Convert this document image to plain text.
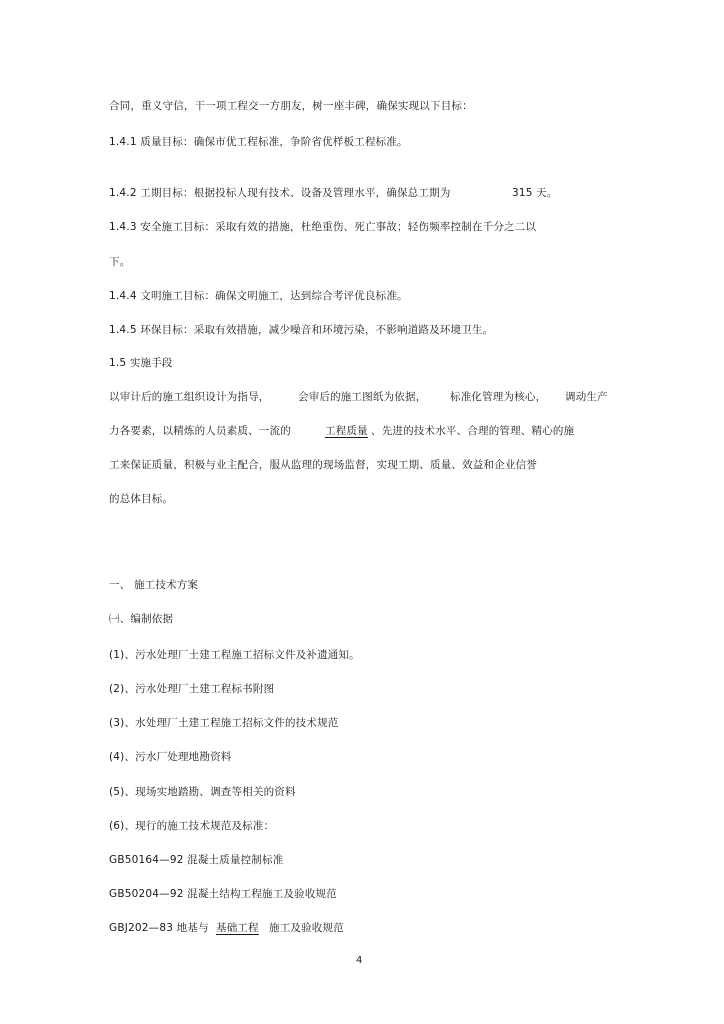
合同，重义守信，干一项工程交一方朋友，树一座丰碑，确保实现以下目标：
1.4.1 质量目标：确保市优工程标准，争阶省优样板工程标准。
1.4.2 工期目标：根据投标人现有技术、设备及管理水平，确保总工期为	315 天。
1.4.3 安全施工目标：采取有效的措施，杜绝重伤、死亡事故；轻伤频率控制在千分之二以
下。
1.4.4 文明施工目标：确保文明施工，达到综合考评优良标准。
1.4.5 环保目标：采取有效措施，减少噪音和环境污染，不影响道路及环境卫生。
1.5 实施手段
以审计后的施工组织设计为指导，	会审后的施工图纸为依据， 标准化管理为核心， 调动生产
力各要素，以精炼的人员素质、一流的	工程质量 、先进的技术水平、合理的管理、精心的施
工来保证质量，积极与业主配合，服从监理的现场监督，实现工期、质量、效益和企业信誉
的总体目标。
一、 施工技术方案
㈠、编制依据
(1)、污水处理厂土建工程施工招标文件及补遗通知。
(2)、污水处理厂土建工程标书附图
(3)、水处理厂土建工程施工招标文件的技术规范
(4)、污水厂处理地勘资料
(5)、现场实地踏勘、调查等相关的资料
(6)、现行的施工技术规范及标准：
GB50164—92 混凝土质量控制标准
GB50204—92 混凝土结构工程施工及验收规范
GBJ202—83 地基与 基础工程 施工及验收规范
4
